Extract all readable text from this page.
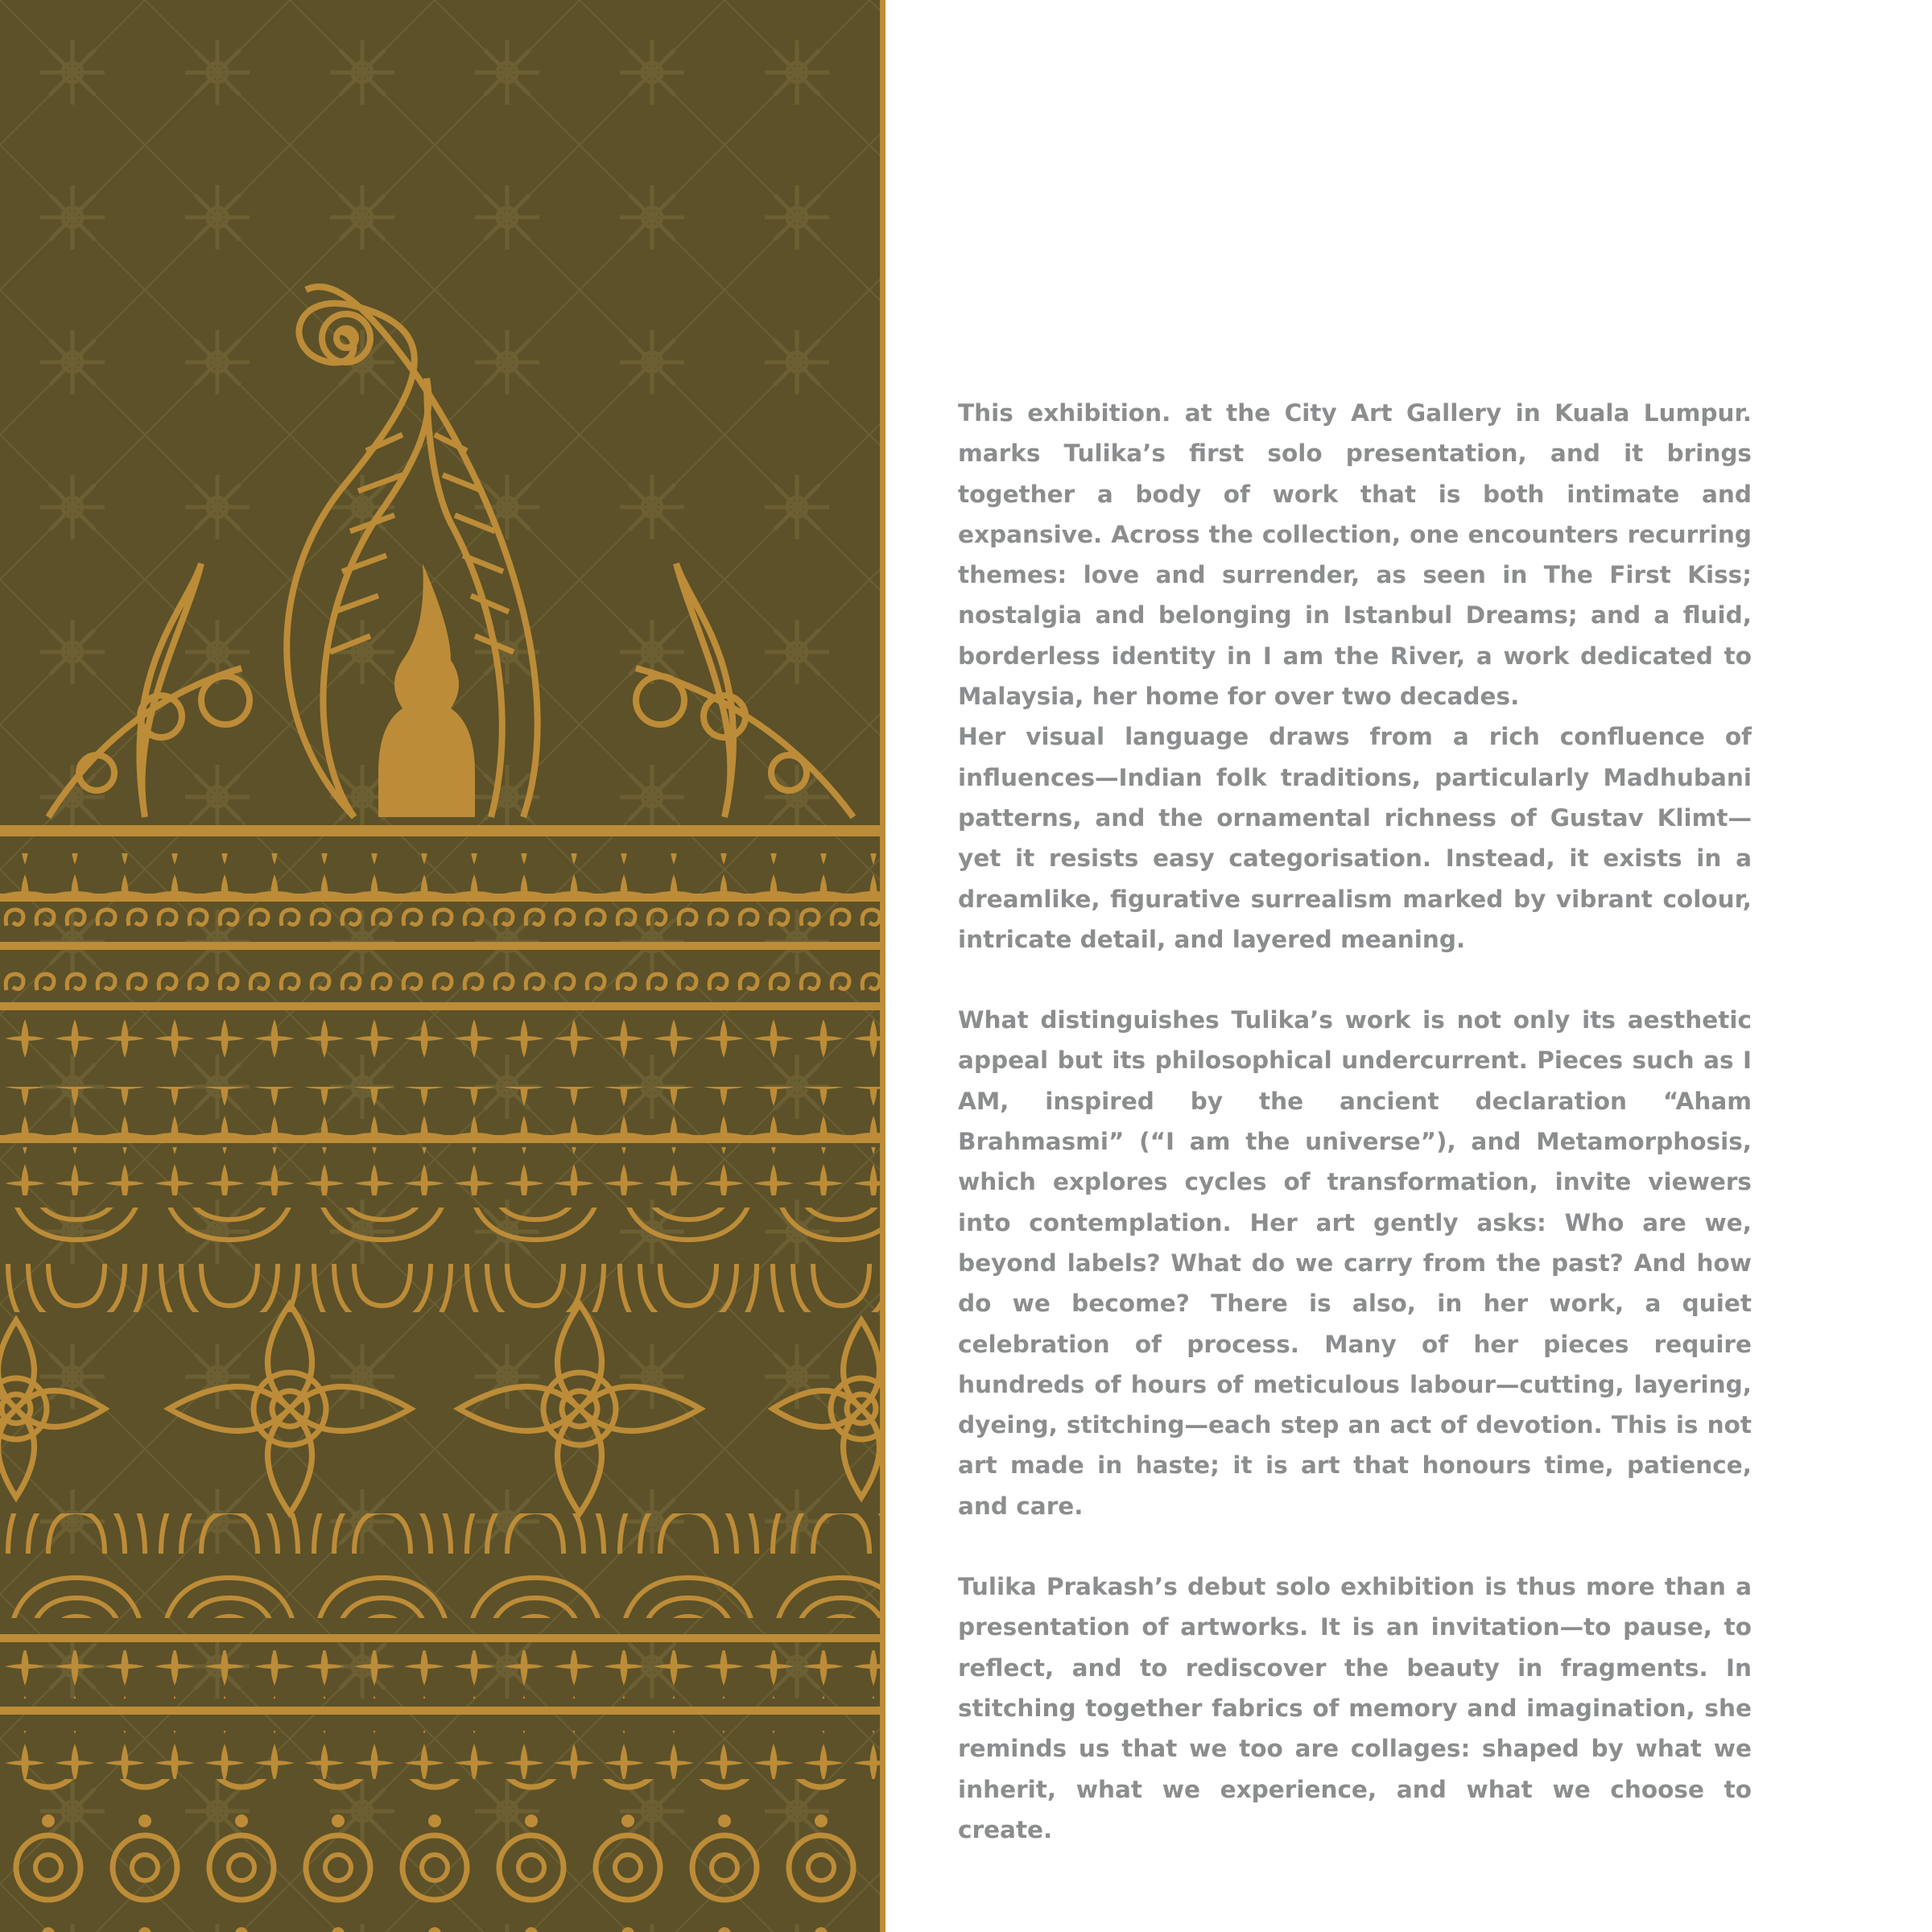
This exhibition. at the City Art Gallery in Kuala Lumpur. marks Tulika’s first solo presentation, and it brings together a body of work that is both intimate and expansive. Across the collection, one encounters recurring themes: love and surrender, as seen in The First Kiss; nostalgia and belonging in Istanbul Dreams; and a fluid, borderless identity in I am the River, a work dedicated to Malaysia, her home for over two decades.

Her visual language draws from a rich confluence of influences—Indian folk traditions, particularly Madhubani patterns, and the ornamental richness of Gustav Klimt—yet it resists easy categorisation. Instead, it exists in a dreamlike, figurative surrealism marked by vibrant colour, intricate detail, and layered meaning.

What distinguishes Tulika’s work is not only its aesthetic appeal but its philosophical undercurrent. Pieces such as I AM, inspired by the ancient declaration “Aham Brahmasmi” (“I am the universe”), and Metamorphosis, which explores cycles of transformation, invite viewers into contemplation. Her art gently asks: Who are we, beyond labels? What do we carry from the past? And how do we become? There is also, in her work, a quiet celebration of process. Many of her pieces require hundreds of hours of meticulous labour—cutting, layering, dyeing, stitching—each step an act of devotion. This is not art made in haste; it is art that honours time, patience, and care.

Tulika Prakash’s debut solo exhibition is thus more than a presentation of artworks. It is an invitation—to pause, to reflect, and to rediscover the beauty in fragments. In stitching together fabrics of memory and imagination, she reminds us that we too are collages: shaped by what we inherit, what we experience, and what we choose to create.
